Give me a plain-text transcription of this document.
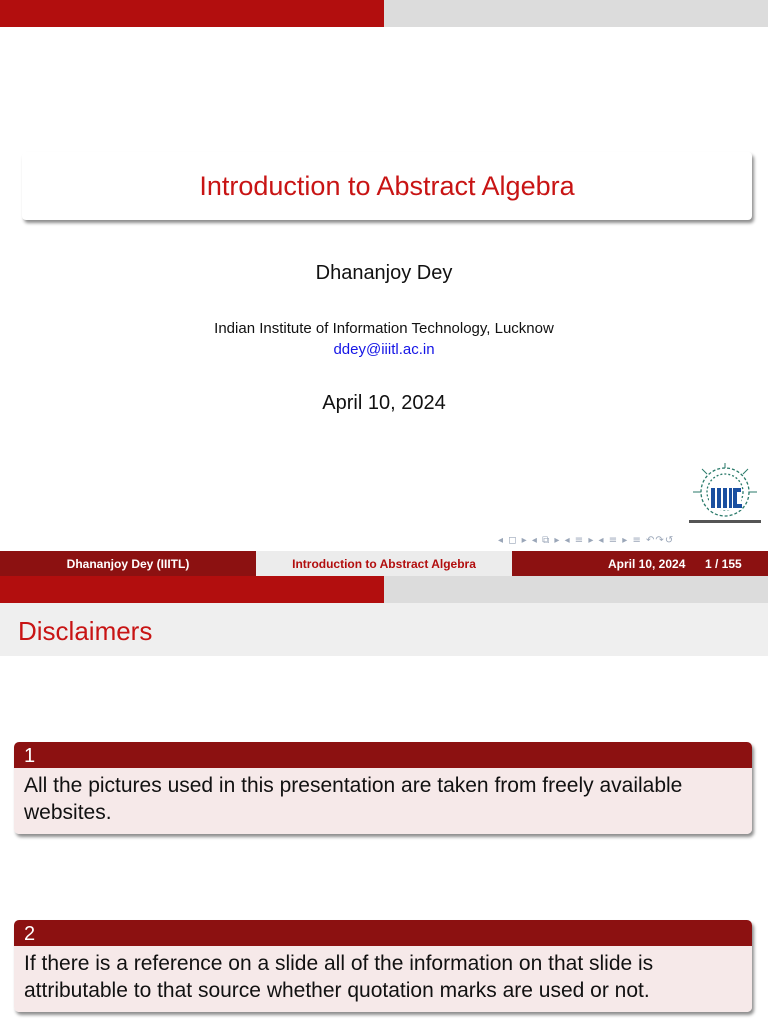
Introduction to Abstract Algebra
Dhananjoy Dey
Indian Institute of Information Technology, Lucknow
ddey@iiitl.ac.in
April 10, 2024
◂ ◻ ▸ ◂ ⧉ ▸ ◂ ≡ ▸ ◂ ≡ ▸ ≡ ↶↷↺
Dhananjoy Dey (IIITL)	Introduction to Abstract Algebra	April 10, 2024 1 / 155
Disclaimers
1
All the pictures used in this presentation are taken from freely available websites.
2
If there is a reference on a slide all of the information on that slide is attributable to that source whether quotation marks are used or not.
